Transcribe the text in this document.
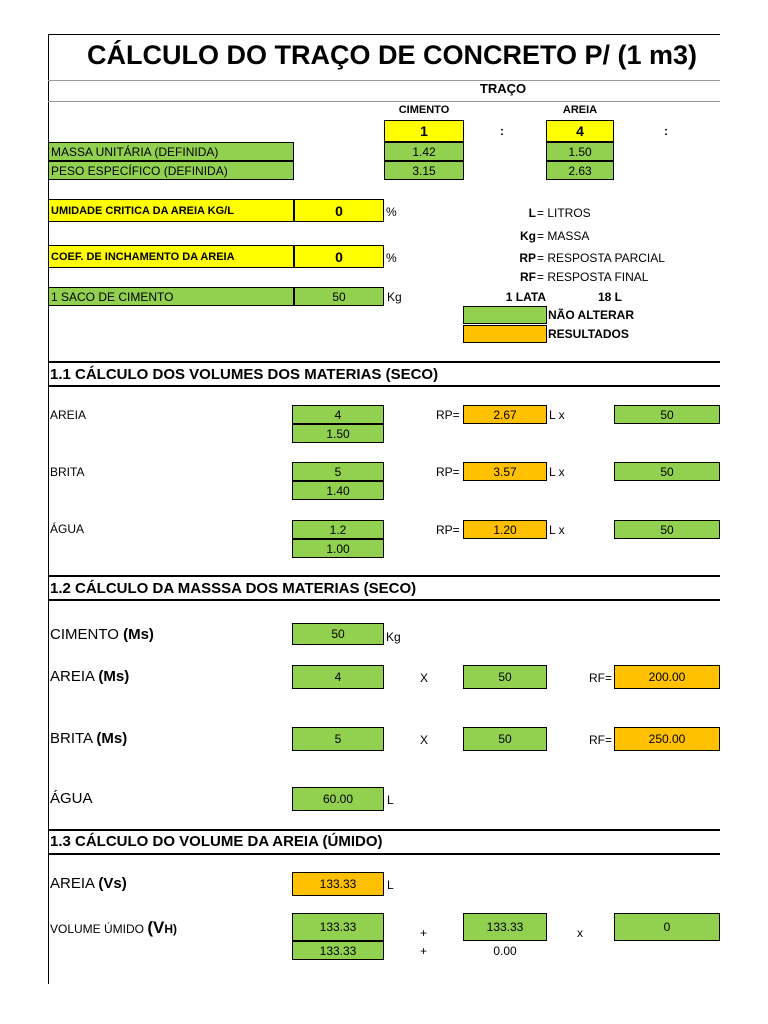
CÁLCULO DO TRAÇO DE CONCRETO P/ (1 m3)
TRAÇO
CIMENTO	AREIA
1	:	4	:
MASSA UNITÁRIA (DEFINIDA)	1.42	1.50
PESO ESPECÍFICO (DEFINIDA)	3.15	2.63
UMIDADE CRITICA DA AREIA KG/L	0	%
COEF. DE INCHAMENTO DA AREIA	0	%
1 SACO DE CIMENTO	50	Kg
L = LITROS
Kg = MASSA
RP = RESPOSTA PARCIAL
RF = RESPOSTA FINAL
1 LATA	18 L
NÃO ALTERAR
RESULTADOS
1.1 CÁLCULO DOS VOLUMES DOS MATERIAS (SECO)
AREIA	4
1.50
RP=	2.67	L x	50
BRITA	5
1.40
RP=	3.57	L x	50
ÁGUA	1.2
1.00
RP=	1.20	L x	50
1.2 CÁLCULO DA MASSSA DOS MATERIAS (SECO)
CIMENTO (Ms)	50	Kg
AREIA (Ms)	4	X	50	RF=	200.00
BRITA (Ms)	5	X	50	RF=	250.00
ÁGUA	60.00	L
1.3 CÁLCULO DO VOLUME DA AREIA (ÚMIDO)
AREIA (Vs)	133.33	L
VOLUME ÚMIDO (VH)	133.33	+	133.33	x	0
133.33	+	0.00
